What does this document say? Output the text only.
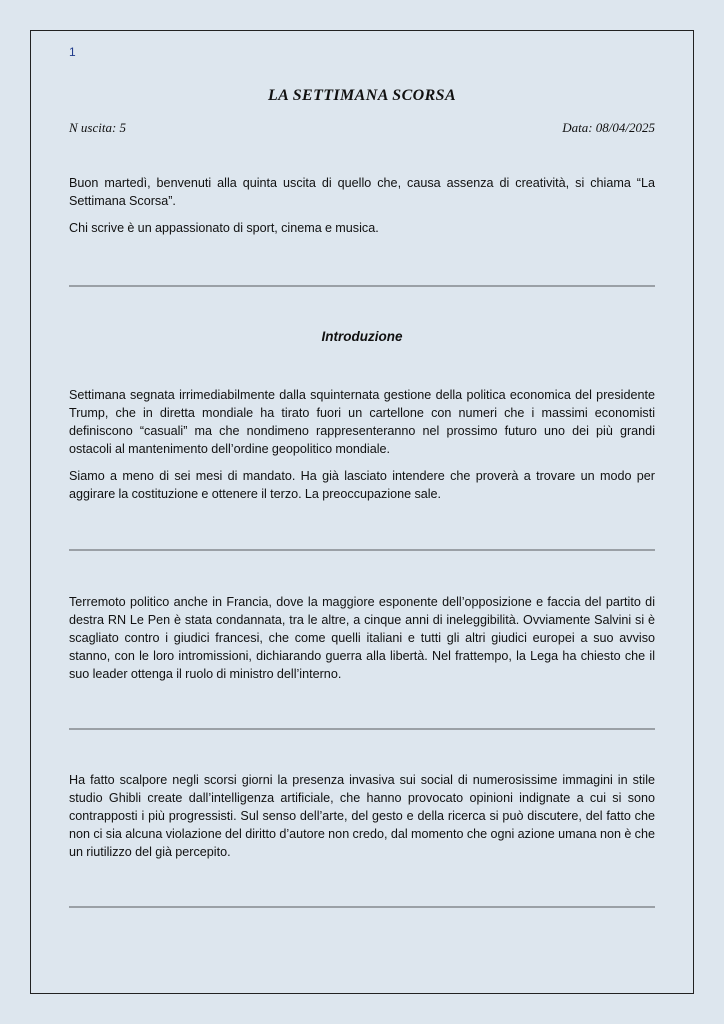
1
LA SETTIMANA SCORSA
N uscita: 5	Data: 08/04/2025

Buon martedì, benvenuti alla quinta uscita di quello che, causa assenza di creatività, si chiama “La Settimana Scorsa”.

Chi scrive è un appassionato di sport, cinema e musica.

Introduzione

Settimana segnata irrimediabilmente dalla squinternata gestione della politica economica del presidente Trump, che in diretta mondiale ha tirato fuori un cartellone con numeri che i massimi economisti definiscono “casuali” ma che nondimeno rappresenteranno nel prossimo futuro uno dei più grandi ostacoli al mantenimento dell’ordine geopolitico mondiale.

Siamo a meno di sei mesi di mandato. Ha già lasciato intendere che proverà a trovare un modo per aggirare la costituzione e ottenere il terzo. La preoccupazione sale.

Terremoto politico anche in Francia, dove la maggiore esponente dell’opposizione e faccia del partito di destra RN Le Pen è stata condannata, tra le altre, a cinque anni di ineleggibilità. Ovviamente Salvini si è scagliato contro i giudici francesi, che come quelli italiani e tutti gli altri giudici europei a suo avviso stanno, con le loro intromissioni, dichiarando guerra alla libertà. Nel frattempo, la Lega ha chiesto che il suo leader ottenga il ruolo di ministro dell’interno.

Ha fatto scalpore negli scorsi giorni la presenza invasiva sui social di numerosissime immagini in stile studio Ghibli create dall’intelligenza artificiale, che hanno provocato opinioni indignate a cui si sono contrapposti i più progressisti. Sul senso dell’arte, del gesto e della ricerca si può discutere, del fatto che non ci sia alcuna violazione del diritto d’autore non credo, dal momento che ogni azione umana non è che un riutilizzo del già percepito.
